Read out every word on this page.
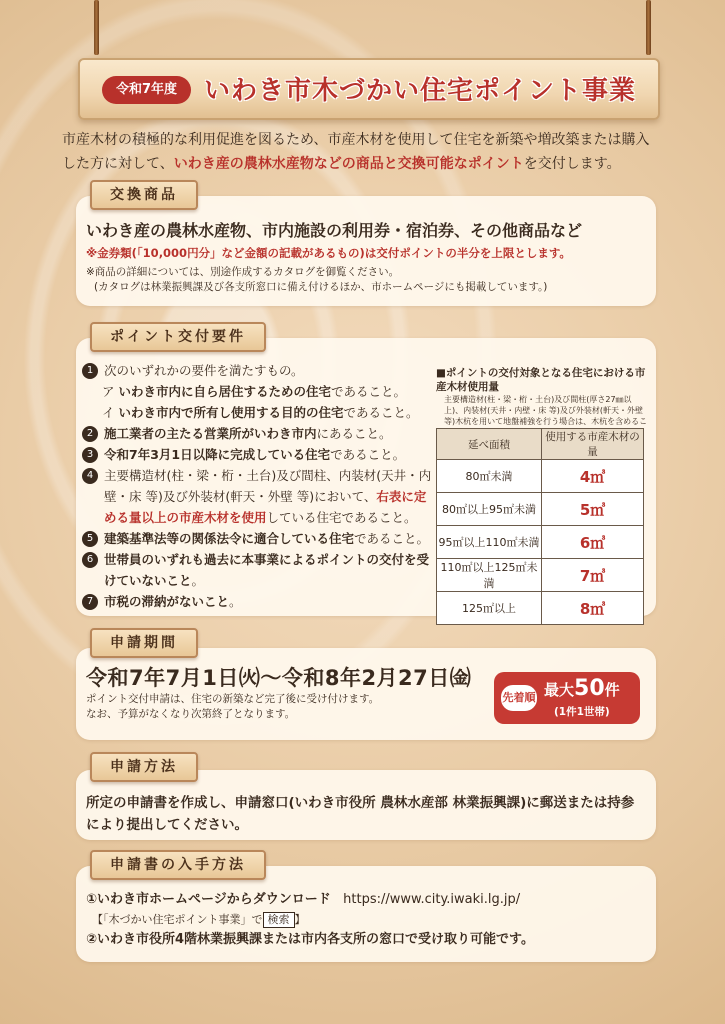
令和7年度	いわき市木づかい住宅ポイント事業
市産木材の積極的な利用促進を図るため、市産木材を使用して住宅を新築や増改築または購入
した方に対して、いわき産の農林水産物などの商品と交換可能なポイントを交付します。
交換商品
いわき産の農林水産物、市内施設の利用券・宿泊券、その他商品など
※金券類(「10,000円分」など金額の記載があるもの)は交付ポイントの半分を上限とします。
※商品の詳細については、別途作成するカタログを御覧ください。
(カタログは林業振興課及び各支所窓口に備え付けるほか、市ホームページにも掲載しています。)
ポイント交付要件
1 次のいずれかの要件を満たすもの。
ア いわき市内に自ら居住するための住宅であること。
イ いわき市内で所有し使用する目的の住宅であること。
2 施工業者の主たる営業所がいわき市内にあること。
3 令和7年3月1日以降に完成している住宅であること。
4 主要構造材(柱・梁・桁・土台)及び間柱、内装材(天井・内壁・床 等)及び外装材(軒天・外壁 等)において、右表に定める量以上の市産木材を使用している住宅であること。
5 建築基準法等の関係法令に適合している住宅であること。
6 世帯員のいずれも過去に本事業によるポイントの交付を受けていないこと。
7 市税の滞納がないこと。
■ポイントの交付対象となる住宅における市産木材使用量
主要構造材(柱・梁・桁・土台)及び間柱(厚さ27㎜以上)、内装材(天井・内壁・床 等)及び外装材(軒天・外壁 等)木杭を用いて地盤補強を行う場合は、木杭を含めるこ
延べ面積	使用する市産木材の量
80㎡未満	4㎥
80㎡以上95㎡未満	5㎥
95㎡以上110㎡未満	6㎥
110㎡以上125㎡未満	7㎥
125㎡以上	8㎥
申請期間
令和7年7月1日㈫〜令和8年2月27日㈮
ポイント交付申請は、住宅の新築など完了後に受け付けます。
なお、予算がなくなり次第終了となります。
先着順 最大50件
(1件1世帯)
申請方法
所定の申請書を作成し、申請窓口(いわき市役所 農林水産部 林業振興課)に郵送または持参により提出してください。
申請書の入手方法
①いわき市ホームページからダウンロード https://www.city.iwaki.lg.jp/
【「木づかい住宅ポイント事業」で 検索 】
②いわき市役所4階林業振興課または市内各支所の窓口で受け取り可能です。
